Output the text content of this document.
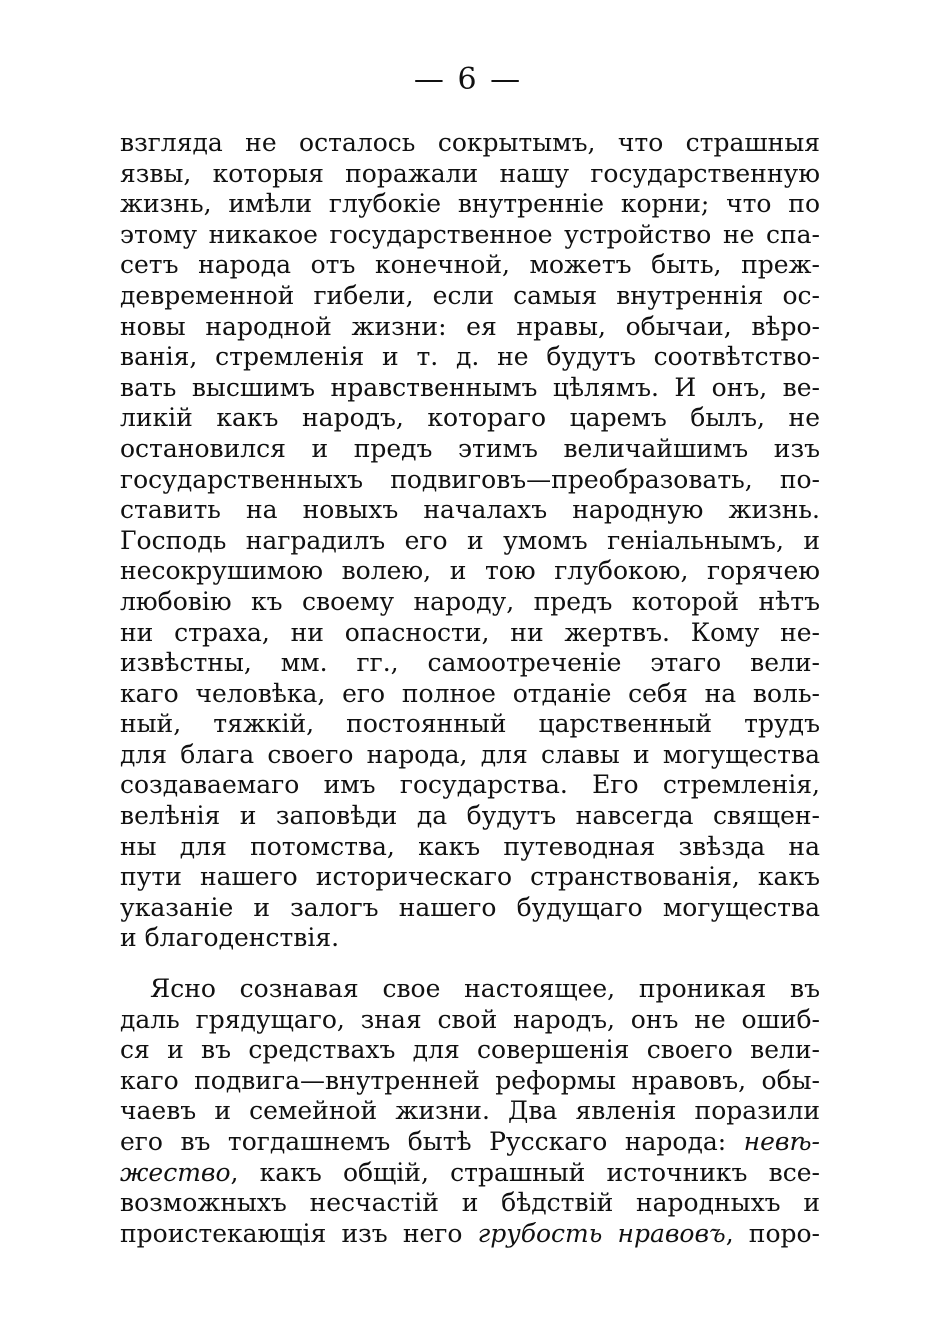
— 6 —
взгляда не осталось сокрытымъ, что страшныя
язвы, которыя поражали нашу государственную
жизнь, имѣли глубокіе внутренніе корни; что по
этому никакое государственное устройство не спа-
сетъ народа отъ конечной, можетъ быть, преж-
девременной гибели, если самыя внутреннія ос-
новы народной жизни: ея нравы, обычаи, вѣро-
ванія, стремленія и т. д. не будутъ соотвѣтство-
вать высшимъ нравственнымъ цѣлямъ. И онъ, ве-
ликій какъ народъ, котораго царемъ былъ, не
остановился и предъ этимъ величайшимъ изъ
государственныхъ подвиговъ—преобразовать, по-
ставить на новыхъ началахъ народную жизнь.
Господь наградилъ его и умомъ геніальнымъ, и
несокрушимою волею, и тою глубокою, горячею
любовію къ своему народу, предъ которой нѣтъ
ни страха, ни опасности, ни жертвъ. Кому не-
извѣстны, мм. гг., самоотреченіе этаго вели-
каго человѣка, его полное отданіе себя на воль-
ный, тяжкій, постоянный царственный трудъ
для блага своего народа, для славы и могущества
создаваемаго имъ государства. Его стремленія,
велѣнія и заповѣди да будутъ навсегда священ-
ны для потомства, какъ путеводная звѣзда на
пути нашего историческаго странствованія, какъ
указаніе и залогъ нашего будущаго могущества
и благоденствія.
Ясно сознавая свое настоящее, проникая въ
даль грядущаго, зная свой народъ, онъ не ошиб-
ся и въ средствахъ для совершенія своего вели-
каго подвига—внутренней реформы нравовъ, обы-
чаевъ и семейной жизни. Два явленія поразили
его въ тогдашнемъ бытѣ Русскаго народа: невѣ-
жество, какъ общій, страшный источникъ все-
возможныхъ несчастій и бѣдствій народныхъ и
проистекающія изъ него грубость нравовъ, поро-
